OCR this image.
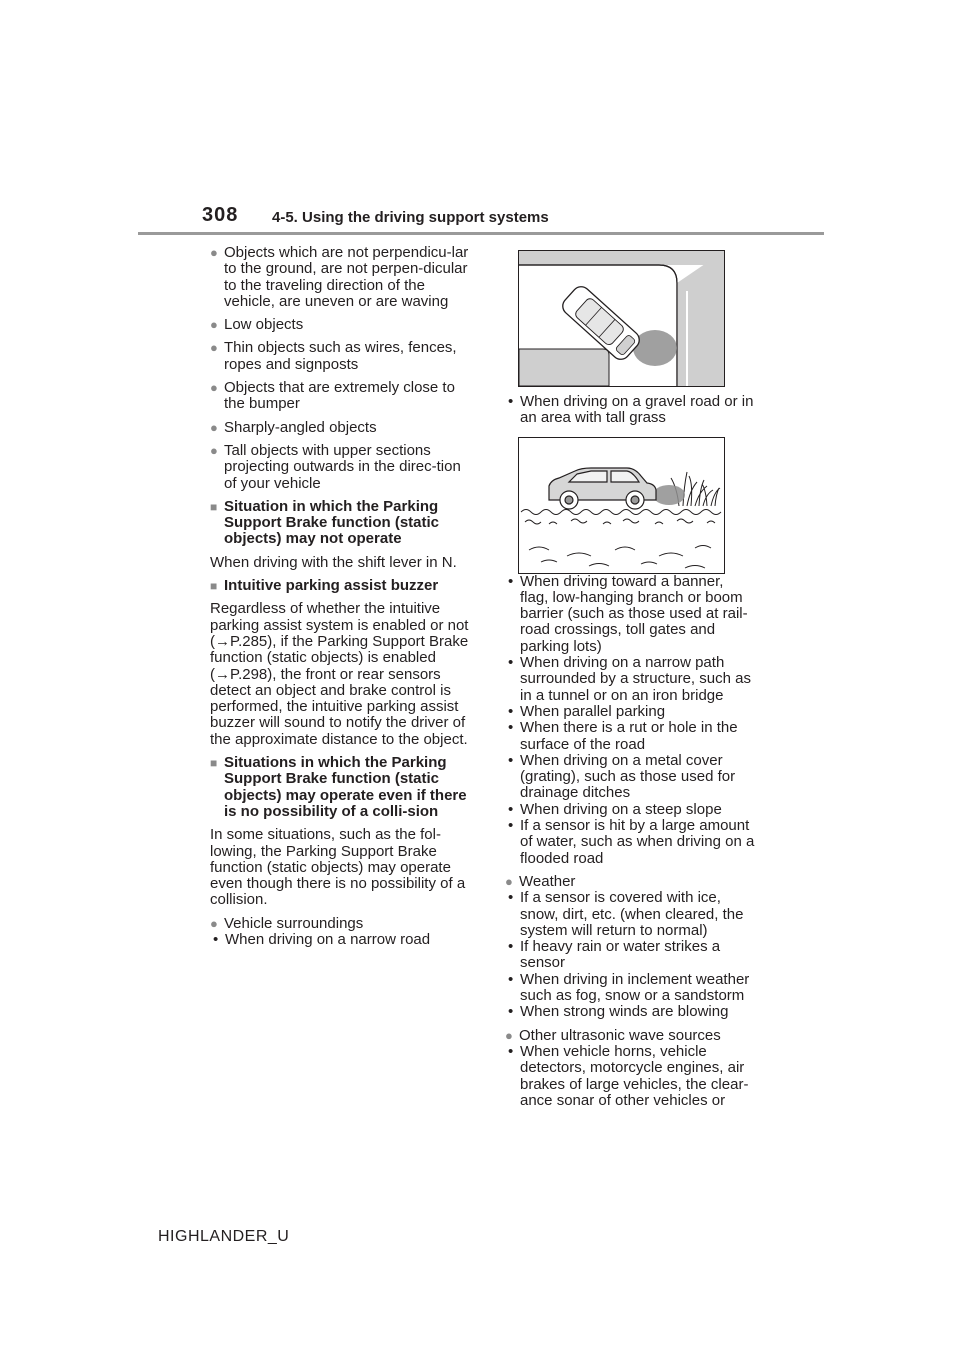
308 4-5. Using the driving support systems
● Objects which are not perpendicu-lar to the ground, are not perpen-dicular to the traveling direction of the vehicle, are uneven or are waving
● Low objects
● Thin objects such as wires, fences, ropes and signposts
● Objects that are extremely close to the bumper
● Sharply-angled objects
● Tall objects with upper sections projecting outwards in the direc-tion of your vehicle
■ Situation in which the Parking Support Brake function (static objects) may not operate
When driving with the shift lever in N.
■ Intuitive parking assist buzzer
Regardless of whether the intuitive parking assist system is enabled or not (→P.285), if the Parking Support Brake function (static objects) is enabled (→P.298), the front or rear sensors detect an object and brake control is performed, the intuitive parking assist buzzer will sound to notify the driver of the approximate distance to the object.
■ Situations in which the Parking Support Brake function (static objects) may operate even if there is no possibility of a colli-sion
In some situations, such as the fol-lowing, the Parking Support Brake function (static objects) may operate even though there is no possibility of a collision.
● Vehicle surroundings
• When driving on a narrow road
• When driving on a gravel road or in an area with tall grass
• When driving toward a banner, flag, low-hanging branch or boom barrier (such as those used at rail-road crossings, toll gates and parking lots)
• When driving on a narrow path surrounded by a structure, such as in a tunnel or on an iron bridge
• When parallel parking
• When there is a rut or hole in the surface of the road
• When driving on a metal cover (grating), such as those used for drainage ditches
• When driving on a steep slope
• If a sensor is hit by a large amount of water, such as when driving on a flooded road
● Weather
• If a sensor is covered with ice, snow, dirt, etc. (when cleared, the system will return to normal)
• If heavy rain or water strikes a sensor
• When driving in inclement weather such as fog, snow or a sandstorm
• When strong winds are blowing
● Other ultrasonic wave sources
• When vehicle horns, vehicle detectors, motorcycle engines, air brakes of large vehicles, the clear-ance sonar of other vehicles or
HIGHLANDER_U
